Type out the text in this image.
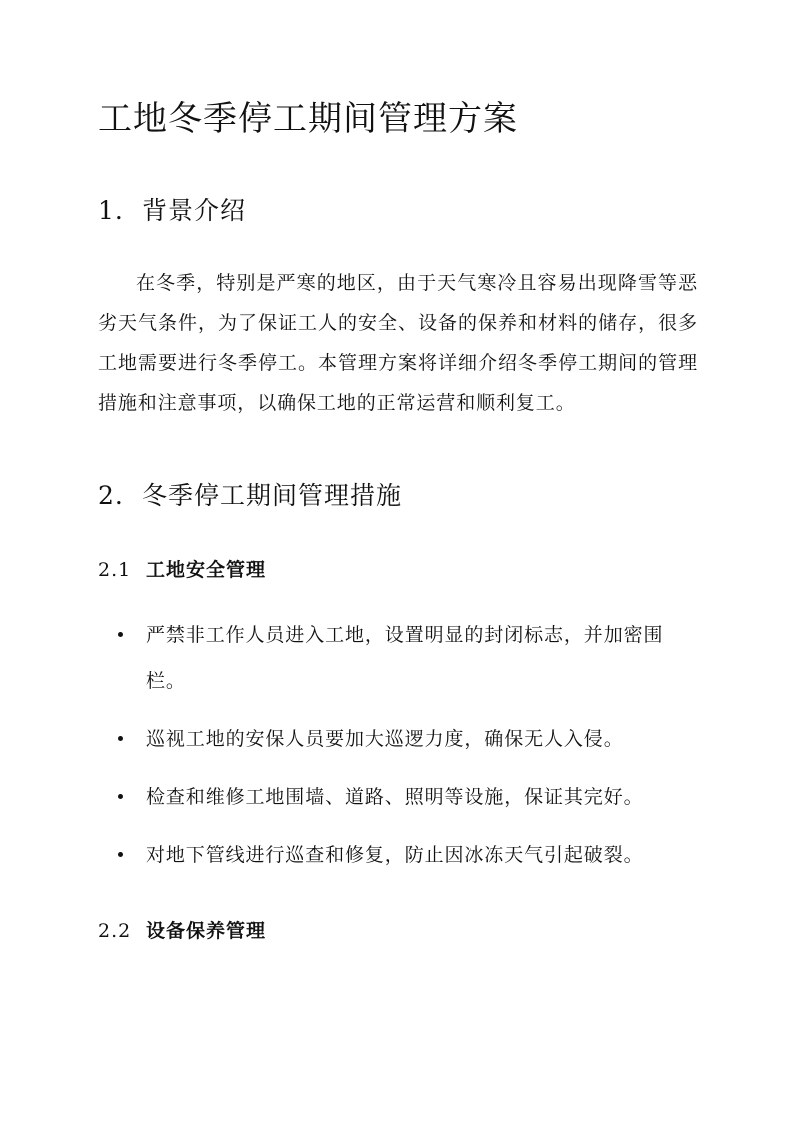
工地冬季停工期间管理方案
1. 背景介绍

在冬季，特别是严寒的地区，由于天气寒冷且容易出现降雪等恶劣天气条件，为了保证工人的安全、设备的保养和材料的储存，很多工地需要进行冬季停工。本管理方案将详细介绍冬季停工期间的管理措施和注意事项，以确保工地的正常运营和顺利复工。

2. 冬季停工期间管理措施
2.1 工地安全管理
严禁非工作人员进入工地，设置明显的封闭标志，并加密围栏。
巡视工地的安保人员要加大巡逻力度，确保无人入侵。
检查和维修工地围墙、道路、照明等设施，保证其完好。
对地下管线进行巡查和修复，防止因冰冻天气引起破裂。
2.2 设备保养管理
